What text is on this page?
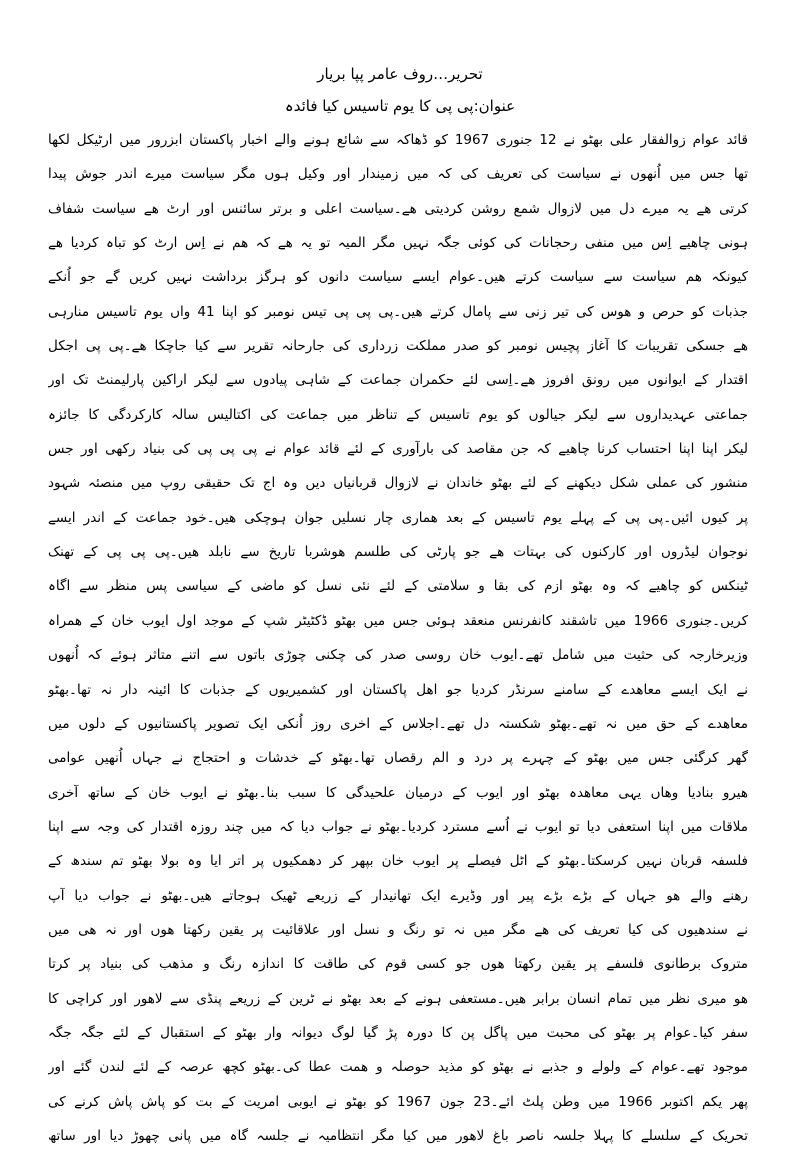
تحریر…روف عامر پپا بریار
عنوان:پی پی کا یوم تاسیس کیا فائدہ
قائد عوام زوالفقار علی بھٹو نے 12 جنوری 1967 کو ڈھاکہ سے شائع ہونے والے اخبار پاکستان ابزرور میں ارٹیکل لکھا
تھا جس میں اُنھوں نے سیاست کی تعریف کی کہ میں زمیندار اور وکیل ہوں مگر سیاست میرے اندر جوش پیدا
کرتی ھے یہ میرے دل میں لازوال شمع روشن کردیتی ھے۔سیاست اعلی و برتر سائنس اور ارٹ ھے سیاست شفاف
ہونی چاھیے اِس میں منفی رحجانات کی کوئی جگہ نہیں مگر المیہ تو یہ ھے کہ ھم نے اِس ارٹ کو تباہ کردیا ھے
کیونکہ ھم سیاست سے سیاست کرتے ھیں۔عوام ایسے سیاست دانوں کو ہرگز برداشت نہیں کریں گے جو اُنکے
جذبات کو حرص و ھوس کی تیر زنی سے پامال کرتے ھیں۔پی پی پی تیس نومبر کو اپنا 41 واں یوم تاسیس منارہی
ھے جسکی تقریبات کا آغاز پچیس نومبر کو صدر مملکت زرداری کی جارحانہ تقریر سے کیا جاچکا ھے۔پی پی اجکل
اقتدار کے ایوانوں میں رونق افروز ھے۔اِسی لئے حکمران جماعت کے شاہی پیادوں سے لیکر اراکین پارلیمنٹ تک اور
جماعتی عہدیداروں سے لیکر جیالوں کو یوم تاسیس کے تناظر میں جماعت کی اکتالیس سالہ کارکردگی کا جائزہ
لیکر اپنا اپنا احتساب کرنا چاھیے کہ جن مقاصد کی بارآوری کے لئے قائد عوام نے پی پی پی کی بنیاد رکھی اور جس
منشور کی عملی شکل دیکھنے کے لئے بھٹو خاندان نے لازوال قربانیاں دیں وہ اج تک حقیقی روپ میں منصئہ شہود
پر کیوں ائیں۔پی پی کے پہلے یوم تاسیس کے بعد ھماری چار نسلیں جوان ہوچکی ھیں۔خود جماعت کے اندر ایسے
نوجوان لیڈروں اور کارکنوں کی بہتات ھے جو پارٹی کی طلسم ھوشربا تاریخ سے نابلد ھیں۔پی پی پی کے تھنک
ٹینکس کو چاھیے کہ وہ بھٹو ازم کی بقا و سلامتی کے لئے نئی نسل کو ماضی کے سیاسی پس منظر سے اگاہ
کریں۔جنوری 1966 میں تاشقند کانفرنس منعقد ہوئی جس میں بھٹو ڈکٹیٹر شپ کے موجد اول ایوب خان کے ھمراہ
وزیرخارجہ کی حثیت میں شامل تھے۔ایوب خان روسی صدر کی چکنی چوڑی باتوں سے اتنے متاثر ہوئے کہ اُنھوں
نے ایک ایسے معاھدے کے سامنے سرنڈر کردیا جو اھل پاکستان اور کشمیریوں کے جذبات کا ائینہ دار نہ تھا۔بھٹو
معاھدے کے حق میں نہ تھے۔بھٹو شکستہ دل تھے۔اجلاس کے اخری روز اُنکی ایک تصویر پاکستانیوں کے دلوں میں
گھر کرگئی جس میں بھٹو کے چہرے پر درد و الم رقصاں تھا۔بھٹو کے خدشات و احتجاج نے جہاں اُنھیں عوامی
ھیرو بنادیا وھاں یہی معاھدہ بھٹو اور ایوب کے درمیان علحیدگی کا سبب بنا۔بھٹو نے ایوب خان کے ساتھ آخری
ملاقات میں اپنا استعفی دیا تو ایوب نے اُسے مسترد کردیا۔بھٹو نے جواب دیا کہ میں چند روزہ اقتدار کی وجہ سے اپنا
فلسفہ قربان نہیں کرسکتا۔بھٹو کے اٹل فیصلے پر ایوب خان بپھر کر دھمکیوں پر اتر ایا وہ بولا بھٹو تم سندھ کے
رھنے والے ھو جہاں کے بڑے بڑے پیر اور وڈیرے ایک تھانیدار کے زریعے ٹھیک ہوجاتے ھیں۔بھٹو نے جواب دیا آپ
نے سندھیوں کی کیا تعریف کی ھے مگر میں نہ تو رنگ و نسل اور علاقائیت پر یقین رکھتا ھوں اور نہ ھی میں
متروک برطانوی فلسفے پر یقین رکھتا ھوں جو کسی قوم کی طاقت کا اندازہ رنگ و مذھب کی بنیاد پر کرتا
ھو میری نظر میں تمام انسان برابر ھیں۔مستعفی ہونے کے بعد بھٹو نے ٹرین کے زریعے پنڈی سے لاھور اور کراچی کا
سفر کیا۔عوام پر بھٹو کی محبت میں پاگل پن کا دورہ پڑ گیا لوگ دیوانہ وار بھٹو کے استقبال کے لئے جگہ جگہ
موجود تھے۔عوام کے ولولے و جذبے نے بھٹو کو مذید حوصلہ و ھمت عطا کی۔بھٹو کچھ عرصہ کے لئے لندن گئے اور
پھر یکم اکتوبر 1966 میں وطن پلٹ ائے۔23 جون 1967 کو بھٹو نے ایوبی امریت کے بت کو پاش پاش کرنے کی
تحریک کے سلسلے کا پہلا جلسہ ناصر باغ لاھور میں کیا مگر انتظامیہ نے جلسہ گاہ میں پانی چھوڑ دیا اور ساتھ
